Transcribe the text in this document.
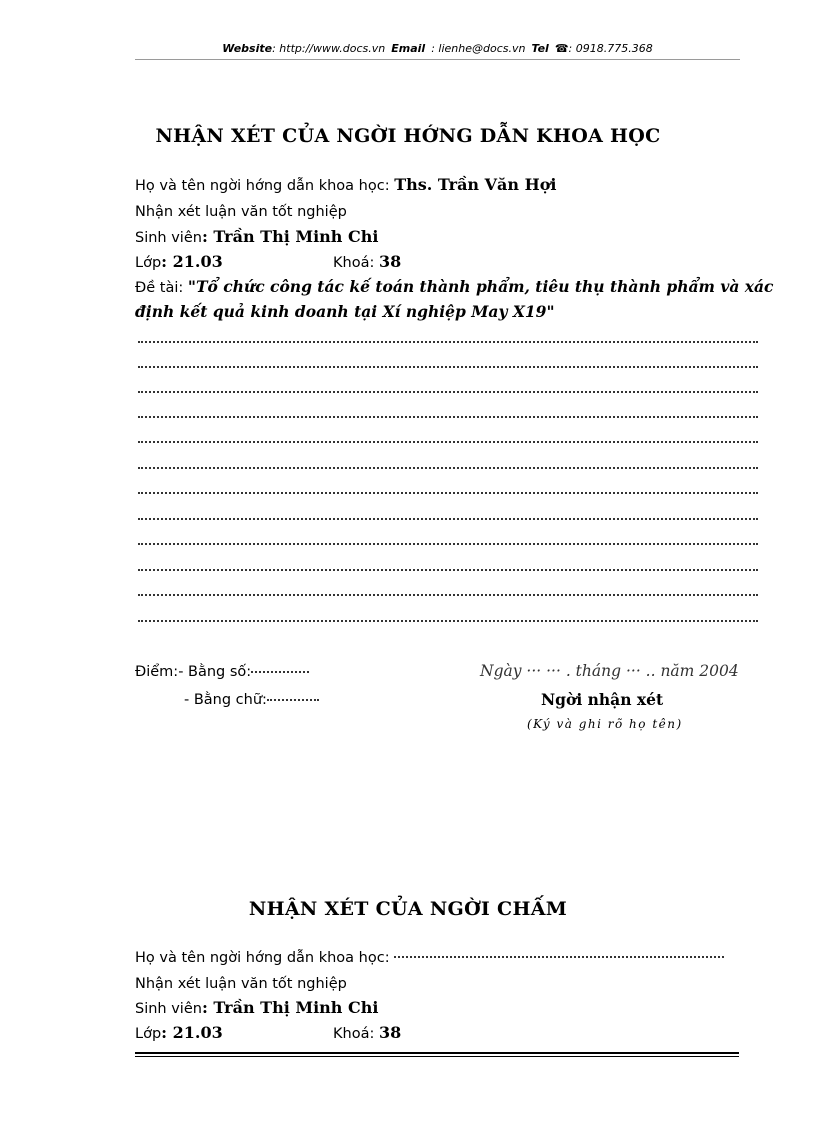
Website: http://www.docs.vn Email : lienhe@docs.vn Tel ☎: 0918.775.368
NHẬN XÉT CỦA NGỜI HỚNG DẪN KHOA HỌC
Họ và tên ngời hớng dẫn khoa học: Ths. Trần Văn Hợi
Nhận xét luận văn tốt nghiệp
Sinh viên: Trần Thị Minh Chi
Lớp: 21.03	Khoá: 38
Đề tài: "Tổ chức công tác kế toán thành phẩm, tiêu thụ thành phẩm và xác
định kết quả kinh doanh tại Xí nghiệp May X19"
Điểm:- Bằng số:
- Bằng chữ:
Ngày ··· ··· . tháng ··· .. năm 2004
Ngời nhận xét
(Ký và ghi rõ họ tên)
NHẬN XÉT CỦA NGỜI CHẤM
Họ và tên ngời hớng dẫn khoa học:
Nhận xét luận văn tốt nghiệp
Sinh viên: Trần Thị Minh Chi
Lớp: 21.03	Khoá: 38
